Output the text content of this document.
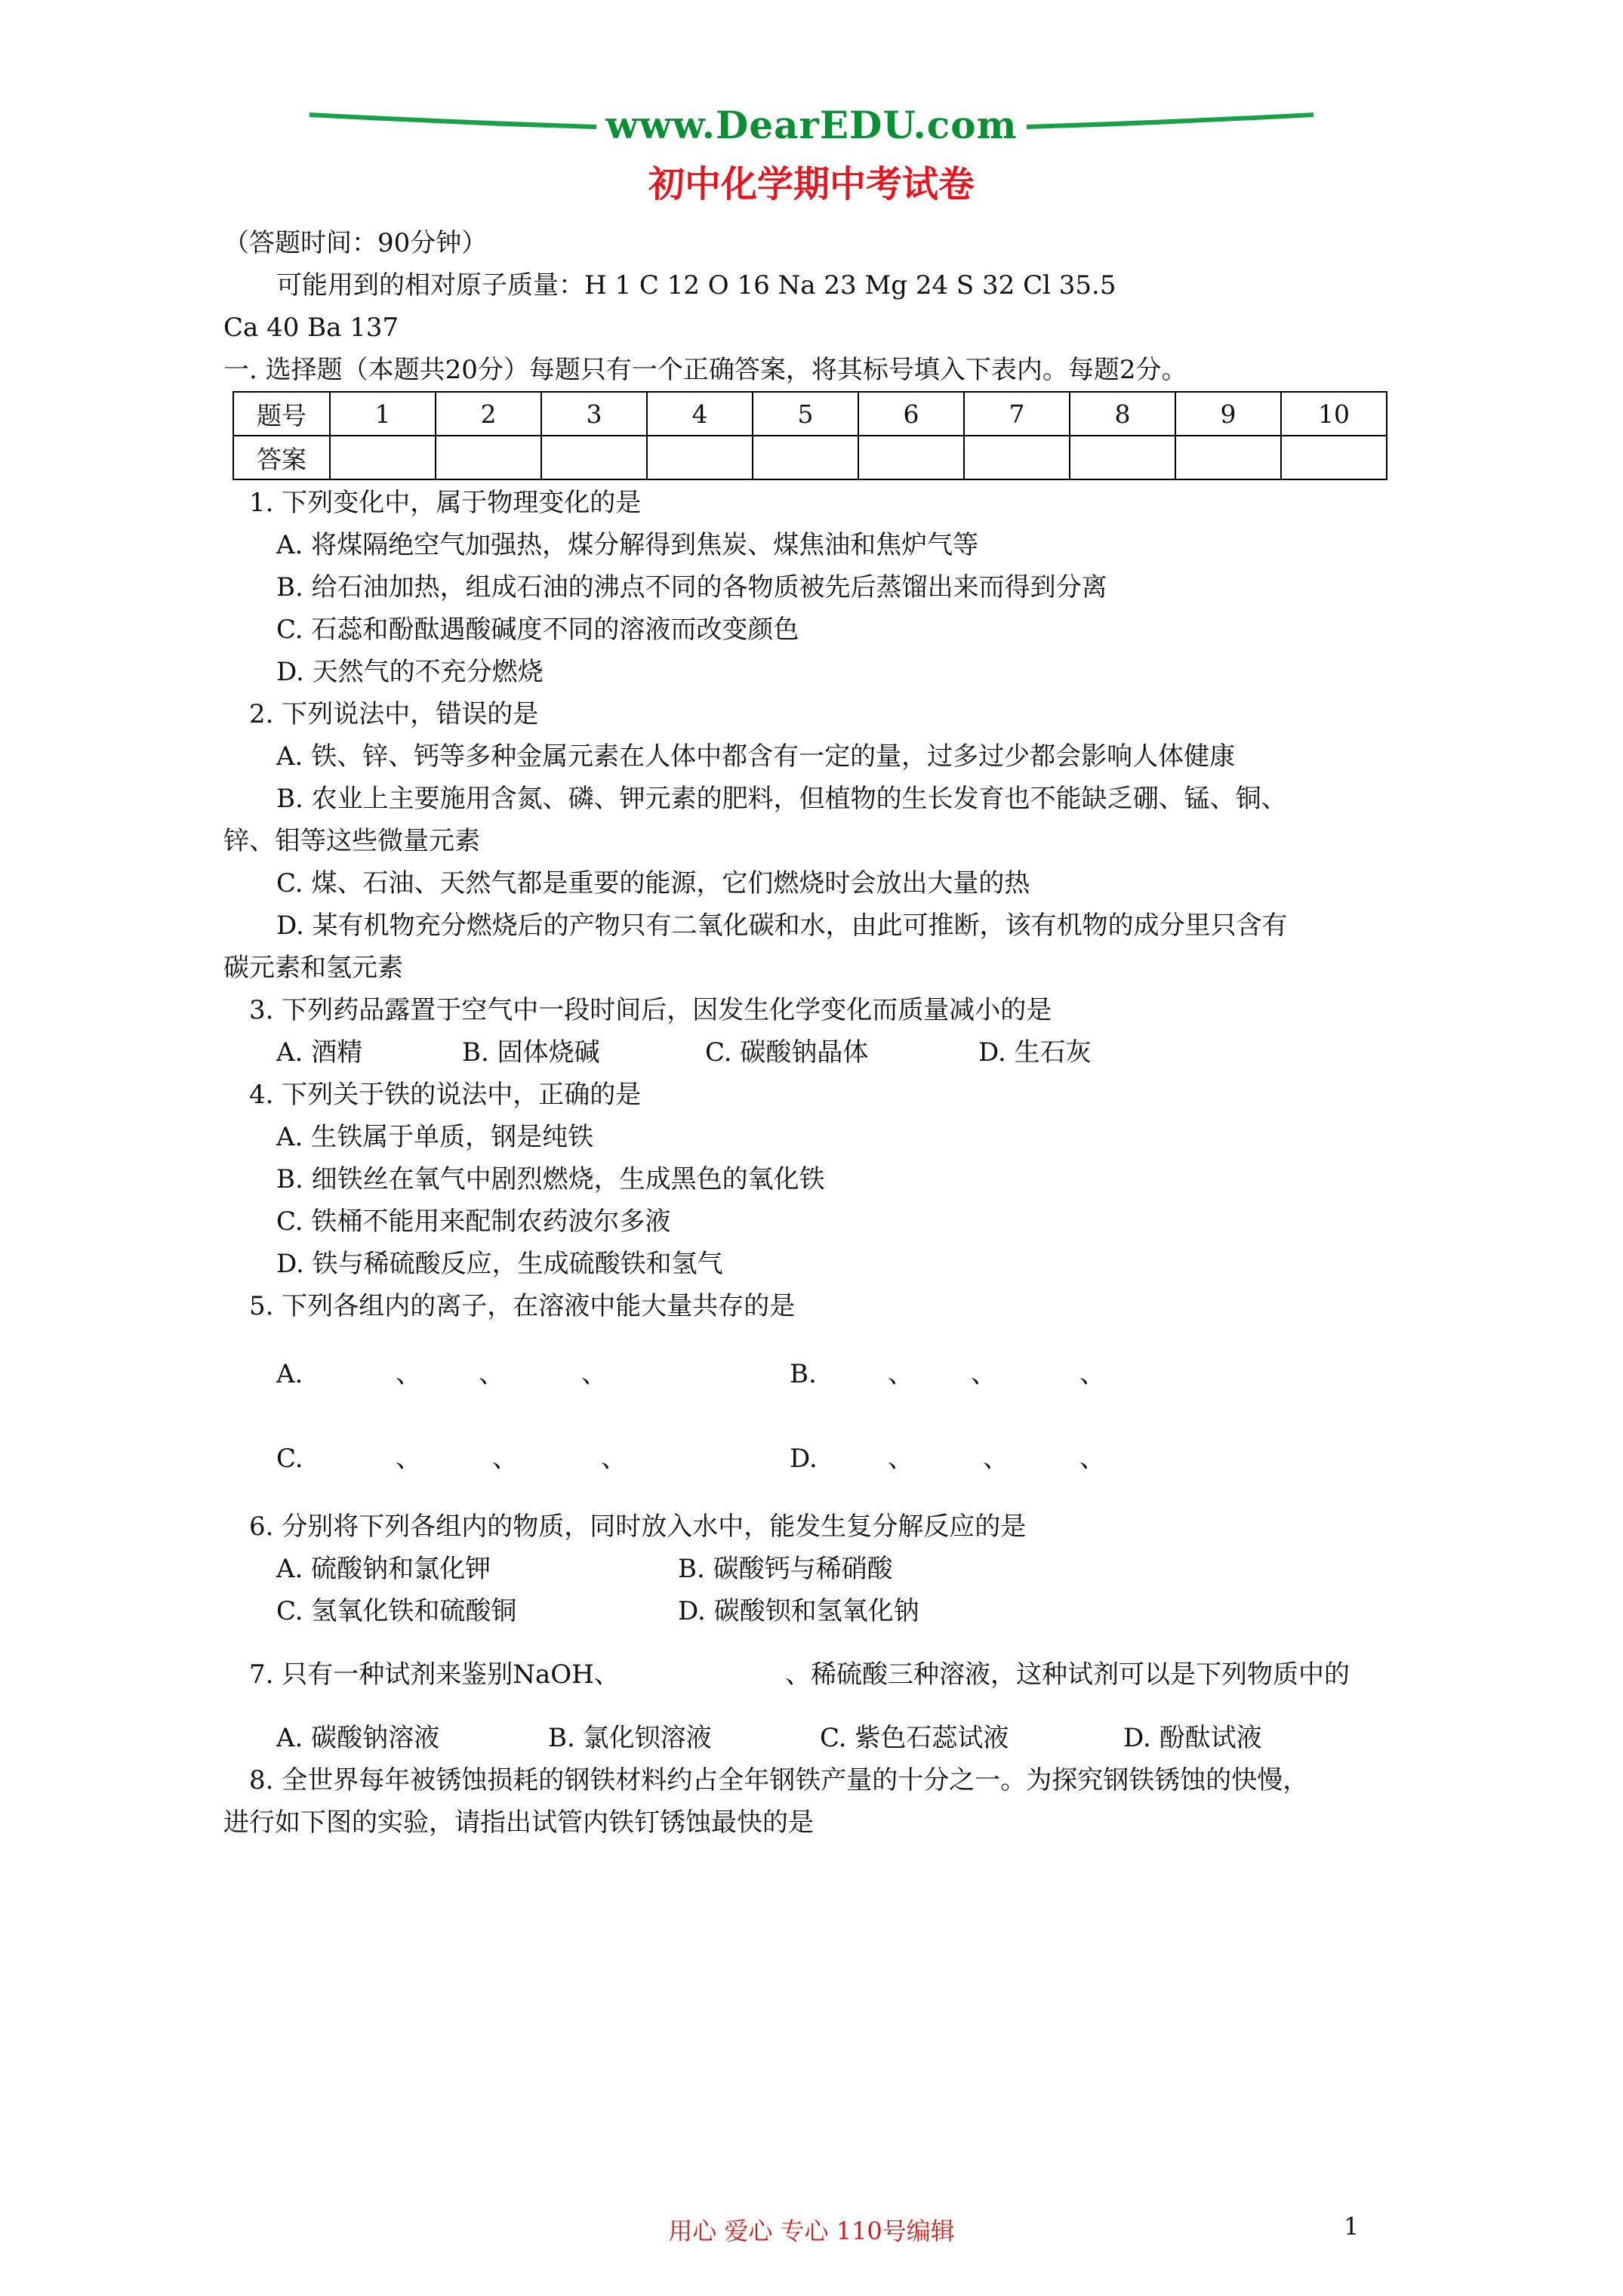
www.DearEDU.com
初中化学期中考试卷
（答题时间：90分钟）
可能用到的相对原子质量：H 1 C 12 O 16 Na 23 Mg 24 S 32 Cl 35.5
Ca 40 Ba 137
一. 选择题（本题共20分）每题只有一个正确答案，将其标号填入下表内。每题2分。
题号	1	2	3	4	5	6	7	8	9	10
答案										
1. 下列变化中，属于物理变化的是
A. 将煤隔绝空气加强热，煤分解得到焦炭、煤焦油和焦炉气等
B. 给石油加热，组成石油的沸点不同的各物质被先后蒸馏出来而得到分离
C. 石蕊和酚酞遇酸碱度不同的溶液而改变颜色
D. 天然气的不充分燃烧
2. 下列说法中，错误的是
A. 铁、锌、钙等多种金属元素在人体中都含有一定的量，过多过少都会影响人体健康
B. 农业上主要施用含氮、磷、钾元素的肥料，但植物的生长发育也不能缺乏硼、锰、铜、
锌、钼等这些微量元素
C. 煤、石油、天然气都是重要的能源，它们燃烧时会放出大量的热
D. 某有机物充分燃烧后的产物只有二氧化碳和水，由此可推断，该有机物的成分里只含有
碳元素和氢元素
3. 下列药品露置于空气中一段时间后，因发生化学变化而质量减小的是
A. 酒精	B. 固体烧碱	C. 碳酸钠晶体	D. 生石灰
4. 下列关于铁的说法中，正确的是
A. 生铁属于单质，钢是纯铁
B. 细铁丝在氧气中剧烈燃烧，生成黑色的氧化铁
C. 铁桶不能用来配制农药波尔多液
D. 铁与稀硫酸反应，生成硫酸铁和氢气
5. 下列各组内的离子，在溶液中能大量共存的是
A.	、 、	、	B.	、 、	、
C.	、	、	、	D.	、	、	、
6. 分别将下列各组内的物质，同时放入水中，能发生复分解反应的是
A. 硫酸钠和氯化钾	B. 碳酸钙与稀硝酸
C. 氢氧化铁和硫酸铜	D. 碳酸钡和氢氧化钠
7. 只有一种试剂来鉴别NaOH、	、稀硫酸三种溶液，这种试剂可以是下列物质中的
A. 碳酸钠溶液	B. 氯化钡溶液	C. 紫色石蕊试液	D. 酚酞试液
8. 全世界每年被锈蚀损耗的钢铁材料约占全年钢铁产量的十分之一。为探究钢铁锈蚀的快慢，
进行如下图的实验，请指出试管内铁钉锈蚀最快的是
用心 爱心 专心 110号编辑	1
